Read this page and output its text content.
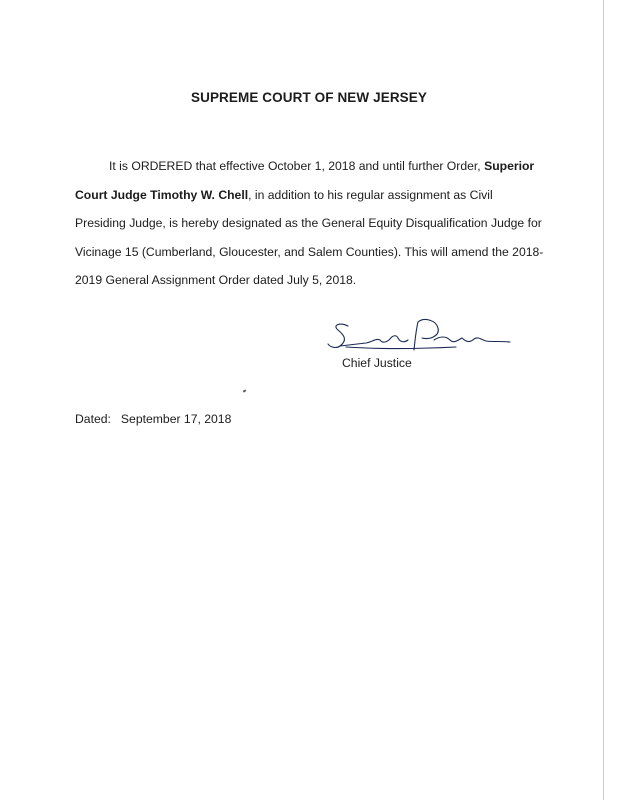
SUPREME COURT OF NEW JERSEY
It is ORDERED that effective October 1, 2018 and until further Order, Superior Court Judge Timothy W. Chell, in addition to his regular assignment as Civil Presiding Judge, is hereby designated as the General Equity Disqualification Judge for Vicinage 15 (Cumberland, Gloucester, and Salem Counties). This will amend the 2018-2019 General Assignment Order dated July 5, 2018.
Chief Justice
Dated: September 17, 2018
